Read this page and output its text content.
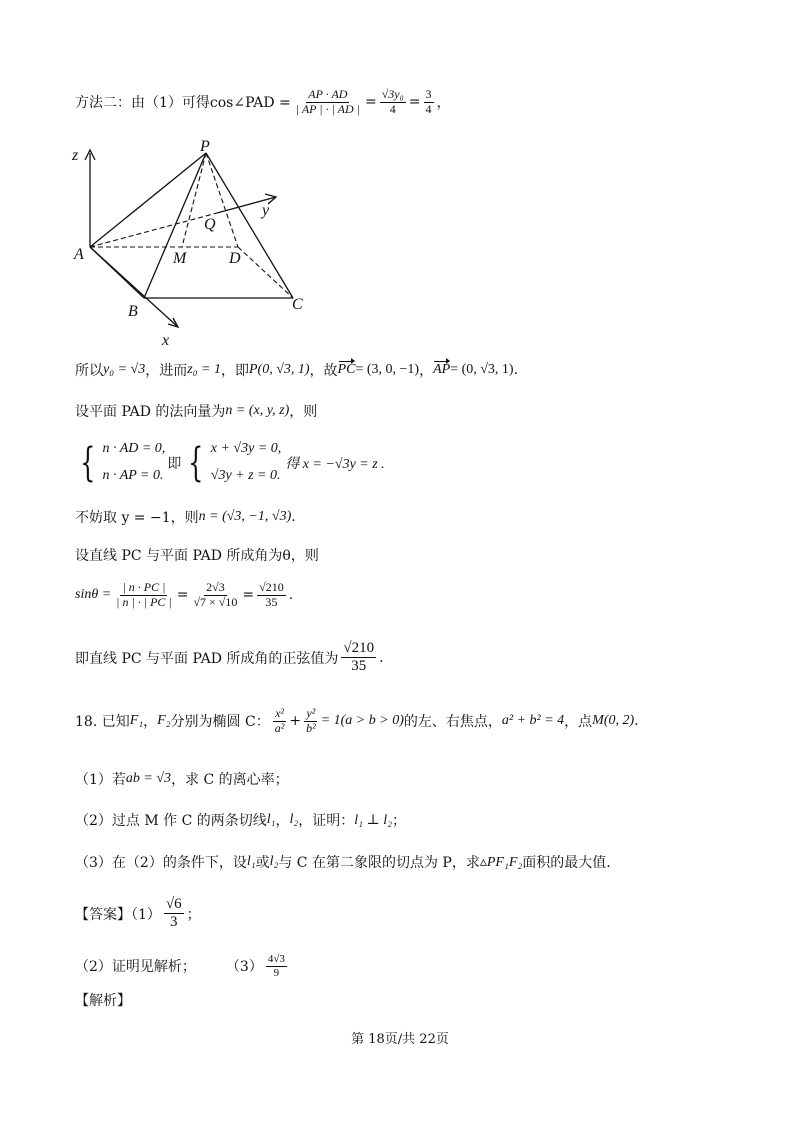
方法二：由（1）可得cos∠PAD = $\frac{AP \cdot AD}{| AP | \cdot | AD |} = \frac{\text{√3y₀}}{4} = \frac{3}{4}$ ，
z
P
y
Q
A	M	D
B	C
x
所以 y₀ = √3 ，进而 z₀ = 1 ，即 P(0, √3, 1) ，故 PC = (3, 0, −1) ， AP = (0, √3, 1) .
设平面 PAD 的法向量为 n = (x, y, z) ，则
{ n · AD = 0,
n · AP = 0.
即 { x + √3y = 0,
√3y + z = 0.
得 x = −√3y = z .
不妨取 y = −1，则 n = (√3, −1, √3) .
设直线 PC 与平面 PAD 所成角为θ，则
$\sin\theta = \frac{| n \cdot PC |}{| n | \cdot | PC |} = \frac{2√3}{√7 \times √10} = \frac{√210}{35}$ .
即直线 PC 与平面 PAD 所成角的正弦值为 $\frac{√210}{35}$ .
18. 已知 F₁ ， F₂ 分别为椭圆 C： $\frac{\text{x²}}{\text{a²}} + \frac{\text{y²}}{\text{b²}} = 1(a > b > 0)$ 的左、右焦点， a² + b² = 4 ，点 M(0, 2) .
（1）若 ab = √3 ，求 C 的离心率；
（2）过点 M 作 C 的两条切线 l₁ ， l₂ ，证明： l₁ ⊥ l₂ ；
（3）在（2）的条件下，设 l₁ 或 l₂ 与 C 在第二象限的切点为 P，求 ▵PF₁F₂ 面积的最大值.
【答案】$(1) \frac{√6}{3}$ ；
（2）证明见解析； $(3) \frac{4√3}{9}$
【解析】
第 18页/共 22页
